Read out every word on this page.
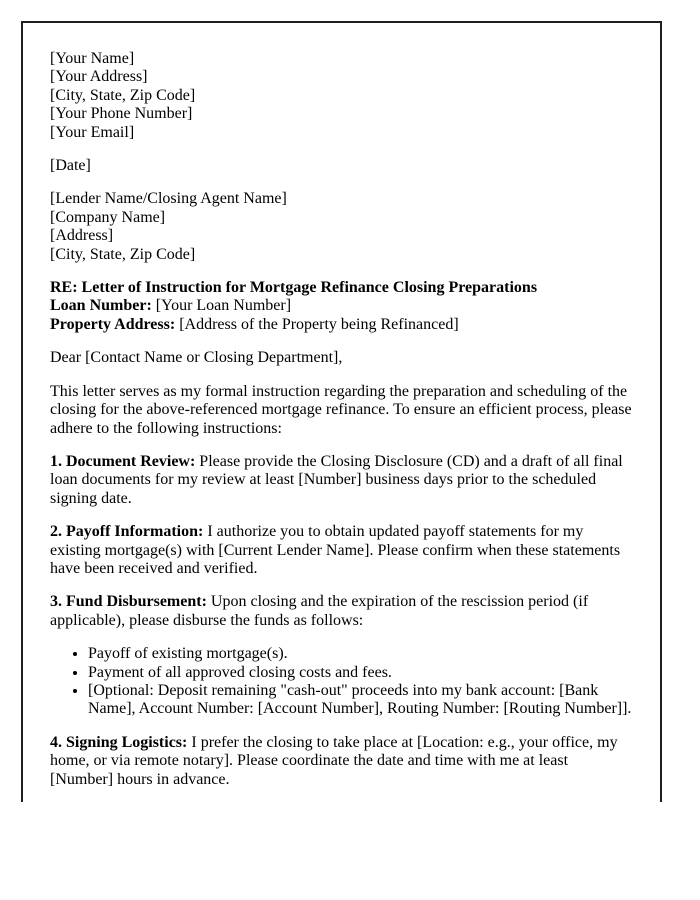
[Your Name]
[Your Address]
[City, State, Zip Code]
[Your Phone Number]
[Your Email]
[Date]
[Lender Name/Closing Agent Name]
[Company Name]
[Address]
[City, State, Zip Code]
RE: Letter of Instruction for Mortgage Refinance Closing Preparations
Loan Number: [Your Loan Number]
Property Address: [Address of the Property being Refinanced]
Dear [Contact Name or Closing Department],
This letter serves as my formal instruction regarding the preparation and scheduling of the closing for the above-referenced mortgage refinance. To ensure an efficient process, please adhere to the following instructions:
1. Document Review: Please provide the Closing Disclosure (CD) and a draft of all final loan documents for my review at least [Number] business days prior to the scheduled signing date.
2. Payoff Information: I authorize you to obtain updated payoff statements for my existing mortgage(s) with [Current Lender Name]. Please confirm when these statements have been received and verified.
3. Fund Disbursement: Upon closing and the expiration of the rescission period (if applicable), please disburse the funds as follows:
• Payoff of existing mortgage(s).
• Payment of all approved closing costs and fees.
• [Optional: Deposit remaining "cash-out" proceeds into my bank account: [Bank Name], Account Number: [Account Number], Routing Number: [Routing Number]].
4. Signing Logistics: I prefer the closing to take place at [Location: e.g., your office, my home, or via remote notary]. Please coordinate the date and time with me at least [Number] hours in advance.
